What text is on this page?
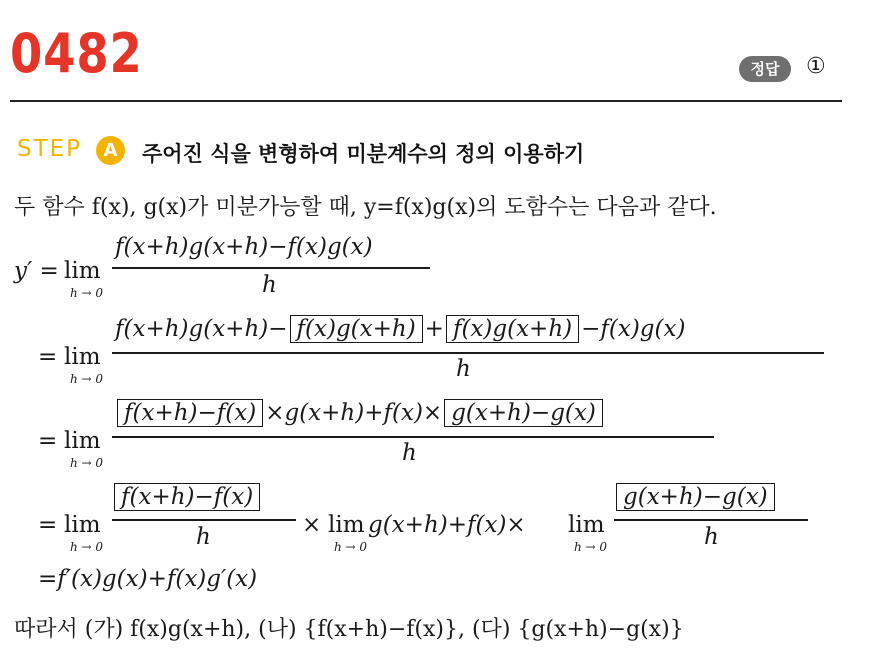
0482	정답	①
STEP	A	주어진 식을 변형하여 미분계수의 정의 이용하기
두 함수 f(x), g(x)가 미분가능할 때, y=f(x)g(x)의 도함수는 다음과 같다.
y′ = lim
h → 0
f(x+h)g(x+h)−f(x)g(x)
h
= lim
h → 0
f(x+h)g(x+h)− f(x)g(x+h) + f(x)g(x+h) −f(x)g(x)
h
= lim
h → 0
f(x+h)−f(x) ×g(x+h)+f(x)× g(x+h)−g(x)
h
= lim
h → 0
f(x+h)−f(x)
h	× lim
h → 0
g(x+h)+f(x)× lim
h → 0
g(x+h)−g(x)
h
=f′(x)g(x)+f(x)g′(x)
따라서 (가) f(x)g(x+h), (나) {f(x+h)−f(x)}, (다) {g(x+h)−g(x)}
